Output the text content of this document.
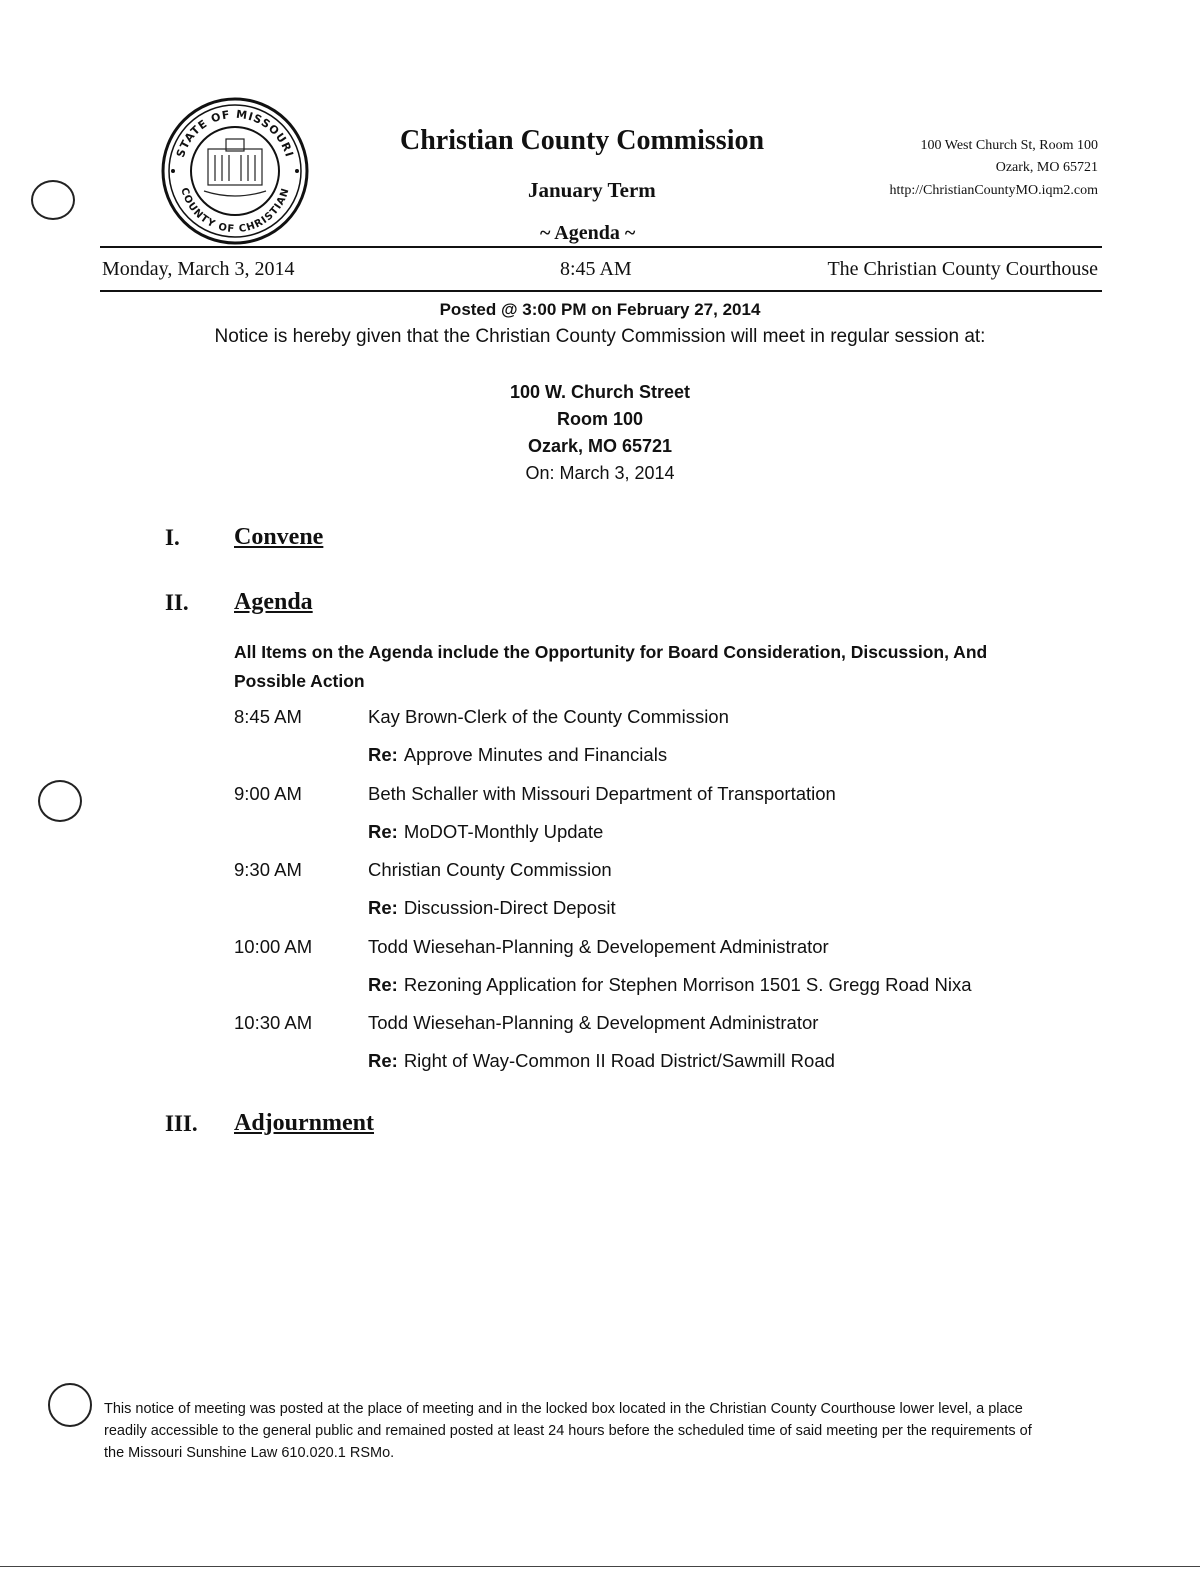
STATE OF MISSOURI
COUNTY OF CHRISTIAN
Christian County Commission
January Term
~ Agenda ~
100 West Church St, Room 100
Ozark, MO 65721
http://ChristianCountyMO.iqm2.com
Monday, March 3, 2014	8:45 AM	The Christian County Courthouse
Posted @ 3:00 PM on February 27, 2014
Notice is hereby given that the Christian County Commission will meet in regular session at:
100 W. Church Street
Room 100
Ozark, MO 65721
On: March 3, 2014
I. Convene
II. Agenda
All Items on the Agenda include the Opportunity for Board Consideration, Discussion, And Possible Action
8:45 AM	Kay Brown-Clerk of the County Commission
Re: Approve Minutes and Financials
9:00 AM	Beth Schaller with Missouri Department of Transportation
Re: MoDOT-Monthly Update
9:30 AM	Christian County Commission
Re: Discussion-Direct Deposit
10:00 AM	Todd Wiesehan-Planning & Developement Administrator
Re: Rezoning Application for Stephen Morrison 1501 S. Gregg Road Nixa
10:30 AM	Todd Wiesehan-Planning & Development Administrator
Re: Right of Way-Common II Road District/Sawmill Road
III. Adjournment
This notice of meeting was posted at the place of meeting and in the locked box located in the Christian County Courthouse lower level, a place readily accessible to the general public and remained posted at least 24 hours before the scheduled time of said meeting per the requirements of the Missouri Sunshine Law 610.020.1 RSMo.
